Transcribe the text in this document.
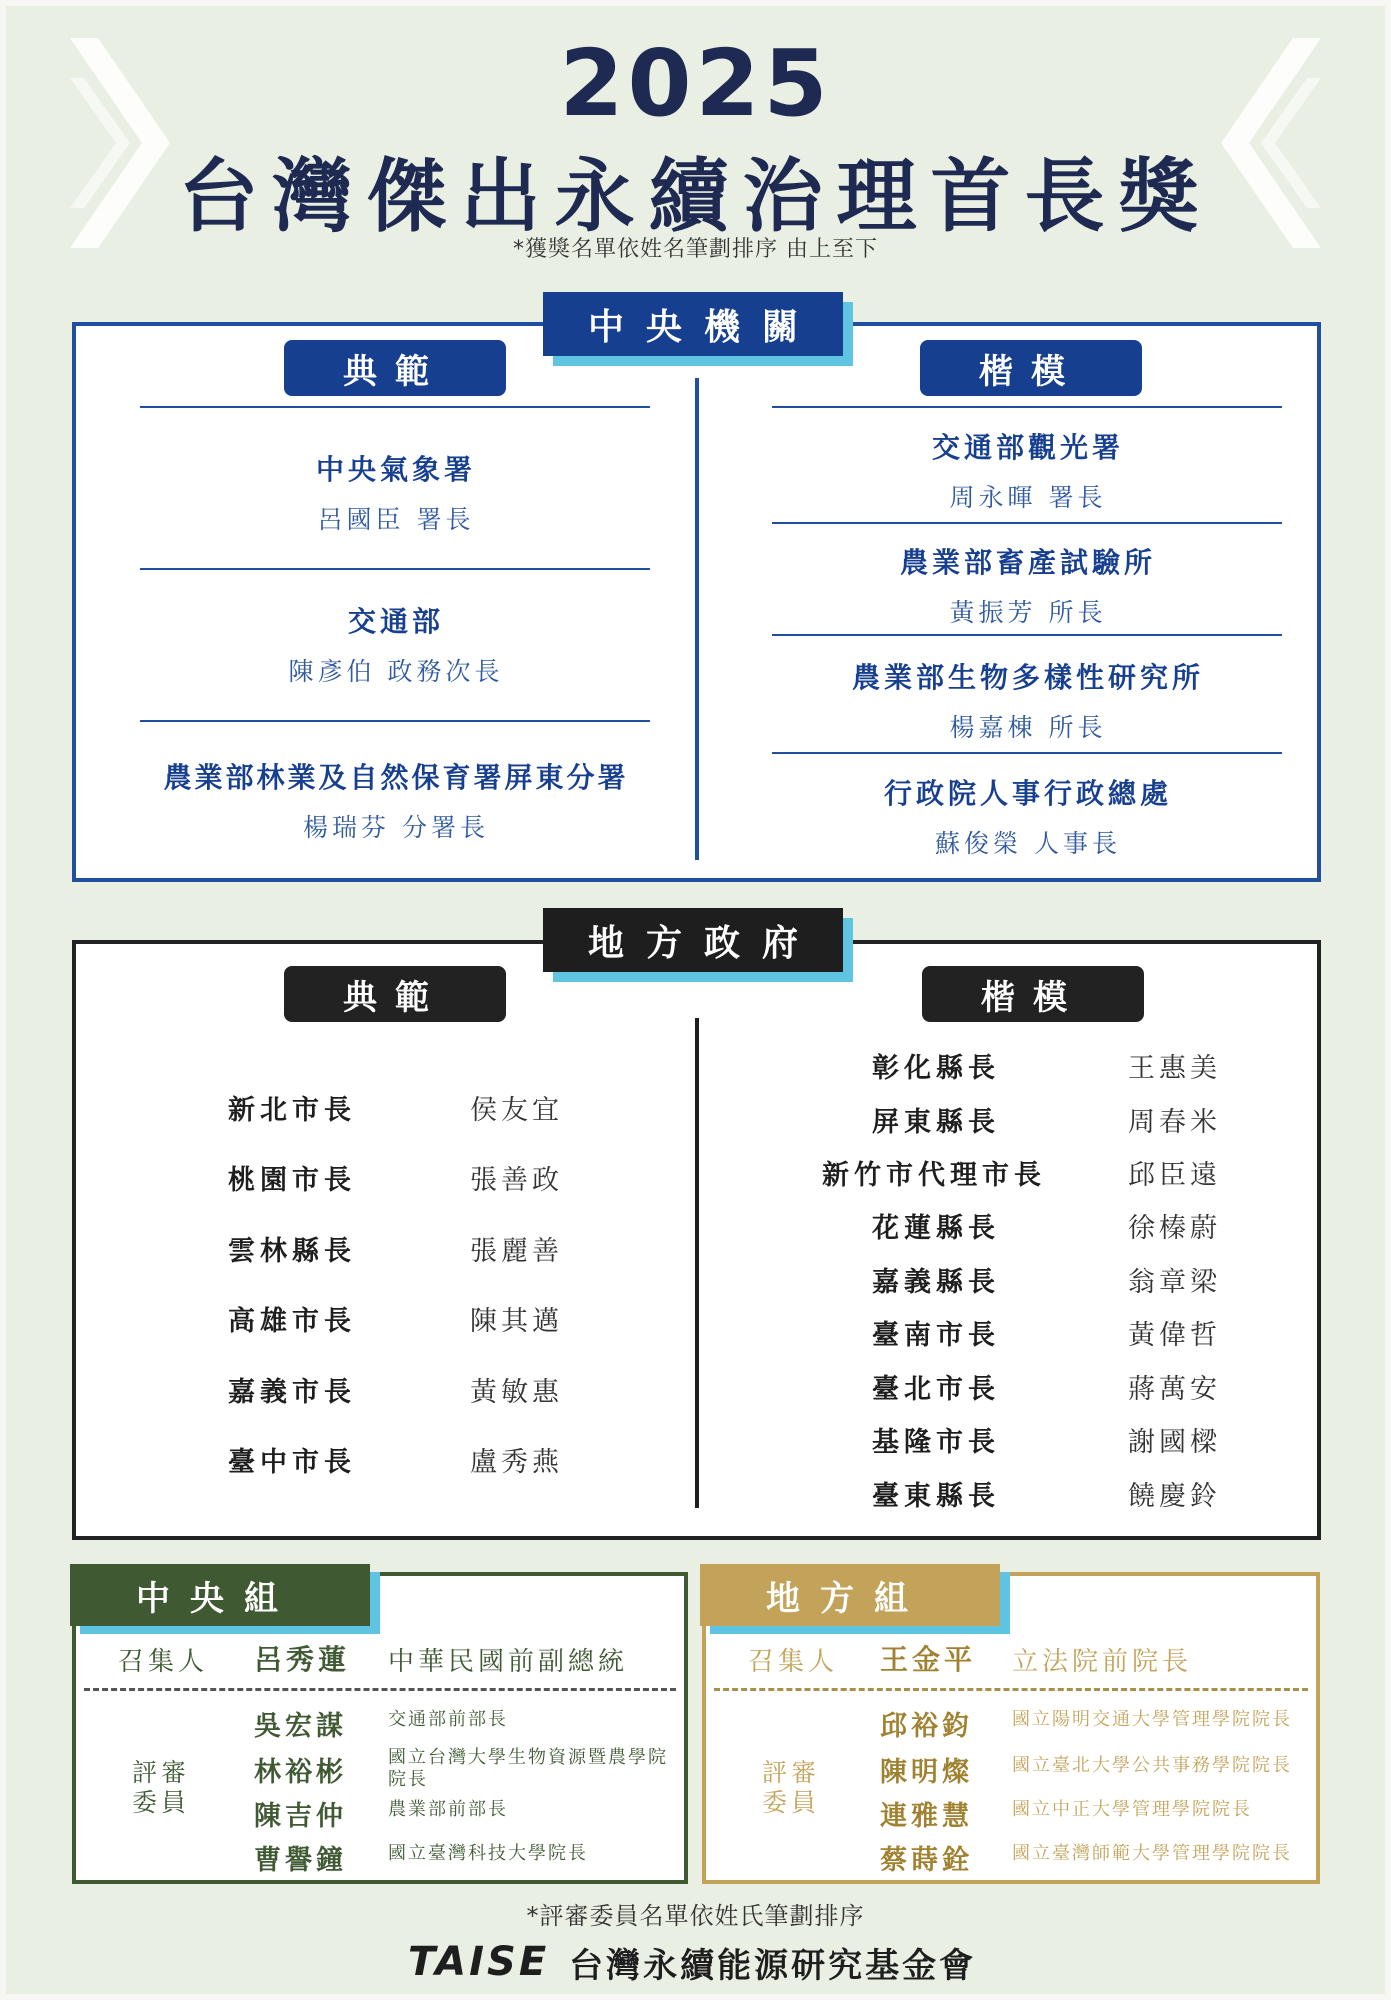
2025
台灣傑出永續治理首長獎
*獲獎名單依姓名筆劃排序 由上至下
中央機關
典範	楷模
中央氣象署
呂國臣 署長
交通部
陳彥伯 政務次長
農業部林業及自然保育署屏東分署
楊瑞芬 分署長
交通部觀光署
周永暉 署長
農業部畜產試驗所
黃振芳 所長
農業部生物多樣性研究所
楊嘉棟 所長
行政院人事行政總處
蘇俊榮 人事長
地方政府
典範	楷模
新北市長	侯友宜
桃園市長	張善政
雲林縣長	張麗善
高雄市長	陳其邁
嘉義市長	黃敏惠
臺中市長	盧秀燕
彰化縣長	王惠美
屏東縣長	周春米
新竹市代理市長	邱臣遠
花蓮縣長	徐榛蔚
嘉義縣長	翁章梁
臺南市長	黃偉哲
臺北市長	蔣萬安
基隆市長	謝國樑
臺東縣長	饒慶鈴
中央組
召集人 呂秀蓮 中華民國前副總統
評審
委員
吳宏謀 交通部前部長
林裕彬 國立台灣大學生物資源暨農學院院長
陳吉仲 農業部前部長
曹譽鐘 國立臺灣科技大學院長
地方組
召集人 王金平 立法院前院長
評審
委員
邱裕鈞 國立陽明交通大學管理學院院長
陳明燦 國立臺北大學公共事務學院院長
連雅慧 國立中正大學管理學院院長
蔡蒔銓 國立臺灣師範大學管理學院院長
*評審委員名單依姓氏筆劃排序
TAISE 台灣永續能源研究基金會
